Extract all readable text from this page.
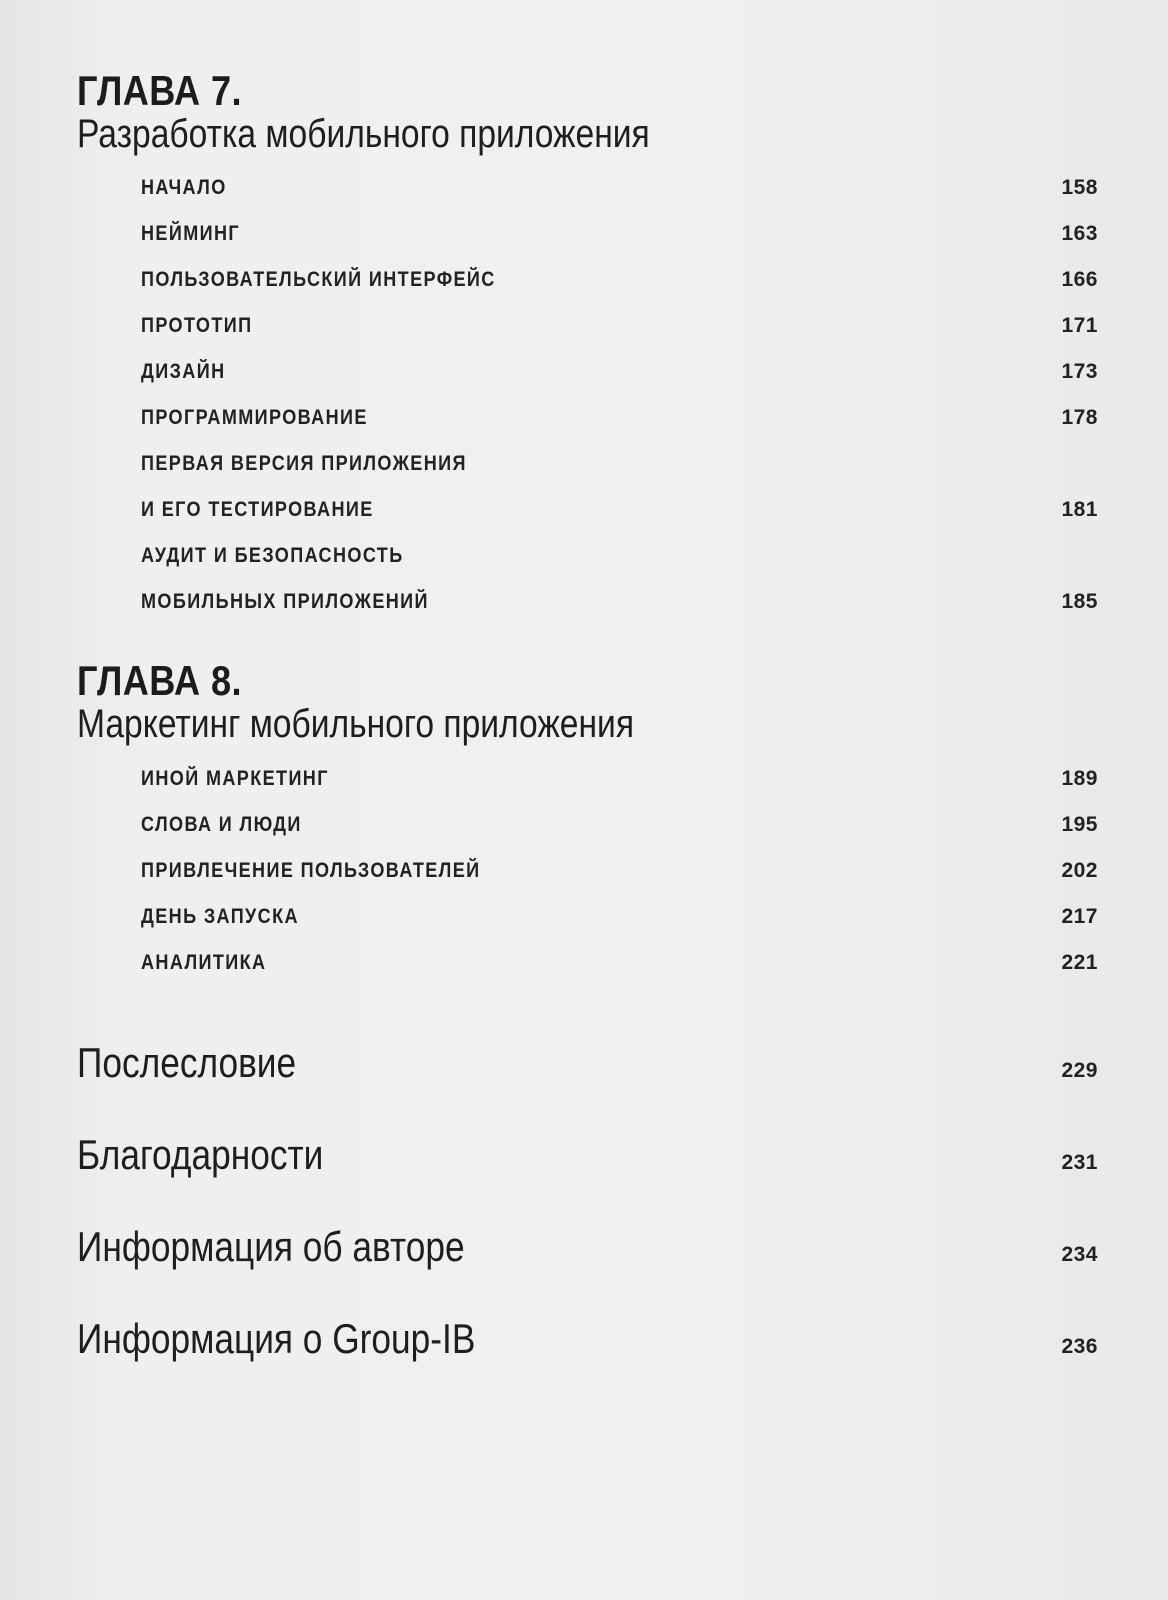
ГЛАВА 7.
Разработка мобильного приложения
НАЧАЛО	158
НЕЙМИНГ	163
ПОЛЬЗОВАТЕЛЬСКИЙ ИНТЕРФЕЙС	166
ПРОТОТИП	171
ДИЗАЙН	173
ПРОГРАММИРОВАНИЕ	178
ПЕРВАЯ ВЕРСИЯ ПРИЛОЖЕНИЯ
И ЕГО ТЕСТИРОВАНИЕ	181
АУДИТ И БЕЗОПАСНОСТЬ
МОБИЛЬНЫХ ПРИЛОЖЕНИЙ	185
ГЛАВА 8.
Маркетинг мобильного приложения
ИНОЙ МАРКЕТИНГ	189
СЛОВА И ЛЮДИ	195
ПРИВЛЕЧЕНИЕ ПОЛЬЗОВАТЕЛЕЙ	202
ДЕНЬ ЗАПУСКА	217
АНАЛИТИКА	221
Послесловие	229
Благодарности	231
Информация об авторе	234
Информация о Group-IB	236
